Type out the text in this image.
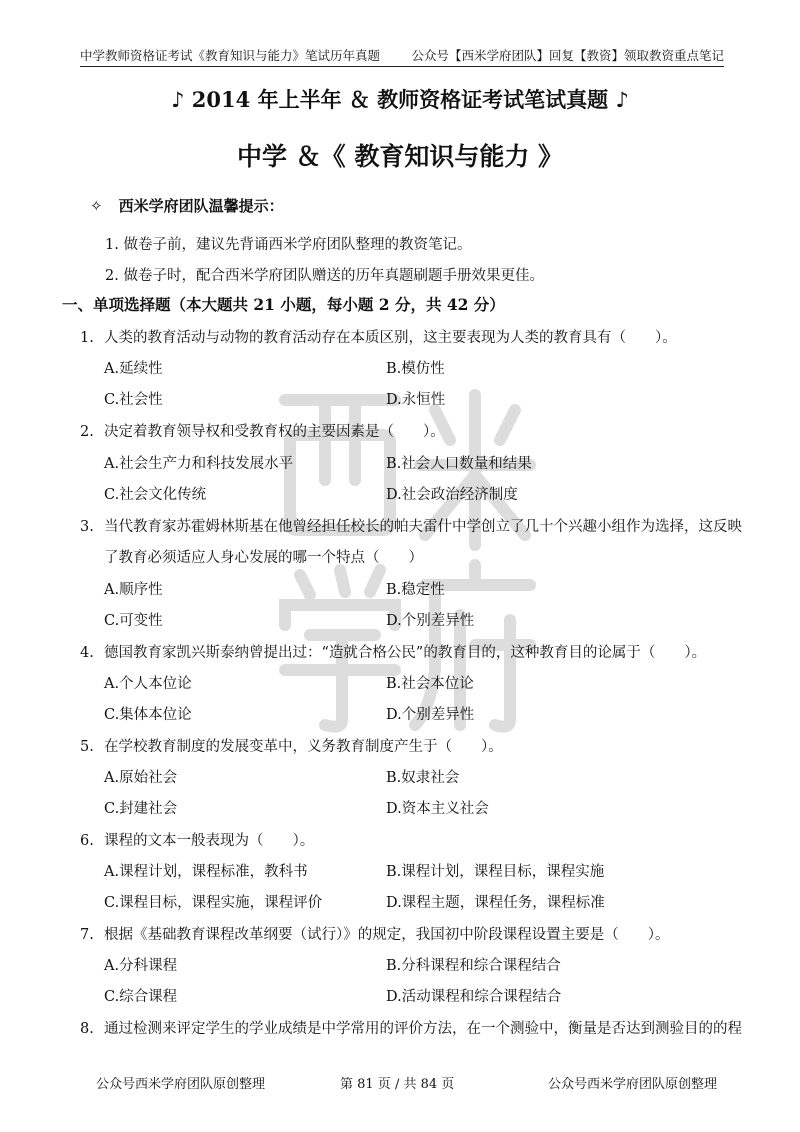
中学教师资格证考试《教育知识与能力》笔试历年真题	公众号【西米学府团队】回复【教资】领取教资重点笔记
♪ 2014 年上半年 ＆ 教师资格证考试笔试真题 ♪
中学 ＆《 教育知识与能力 》
✧ 西米学府团队温馨提示：
1. 做卷子前，建议先背诵西米学府团队整理的教资笔记。
2. 做卷子时，配合西米学府团队赠送的历年真题刷题手册效果更佳。
一、单项选择题（本大题共 21 小题，每小题 2 分，共 42 分）
1. 人类的教育活动与动物的教育活动存在本质区别，这主要表现为人类的教育具有（　　）。
A.延续性	B.模仿性
C.社会性	D.永恒性
2. 决定着教育领导权和受教育权的主要因素是（　　）。
A.社会生产力和科技发展水平	B.社会人口数量和结果
C.社会文化传统	D.社会政治经济制度
3. 当代教育家苏霍姆林斯基在他曾经担任校长的帕夫雷什中学创立了几十个兴趣小组作为选择，这反映
了教育必须适应人身心发展的哪一个特点（　　）
A.顺序性	B.稳定性
C.可变性	D.个别差异性
4. 德国教育家凯兴斯泰纳曾提出过：“造就合格公民”的教育目的，这种教育目的论属于（　　）。
A.个人本位论	B.社会本位论
C.集体本位论	D.个别差异性
5. 在学校教育制度的发展变革中，义务教育制度产生于（　　）。
A.原始社会	B.奴隶社会
C.封建社会	D.资本主义社会
6. 课程的文本一般表现为（　　）。
A.课程计划，课程标准，教科书	B.课程计划，课程目标，课程实施
C.课程目标，课程实施，课程评价	D.课程主题，课程任务，课程标准
7. 根据《基础教育课程改革纲要（试行）》的规定，我国初中阶段课程设置主要是（　　）。
A.分科课程	B.分科课程和综合课程结合
C.综合课程	D.活动课程和综合课程结合
8. 通过检测来评定学生的学业成绩是中学常用的评价方法，在一个测验中，衡量是否达到测验目的的程
公众号西米学府团队原创整理	第 81 页 / 共 84 页	公众号西米学府团队原创整理
